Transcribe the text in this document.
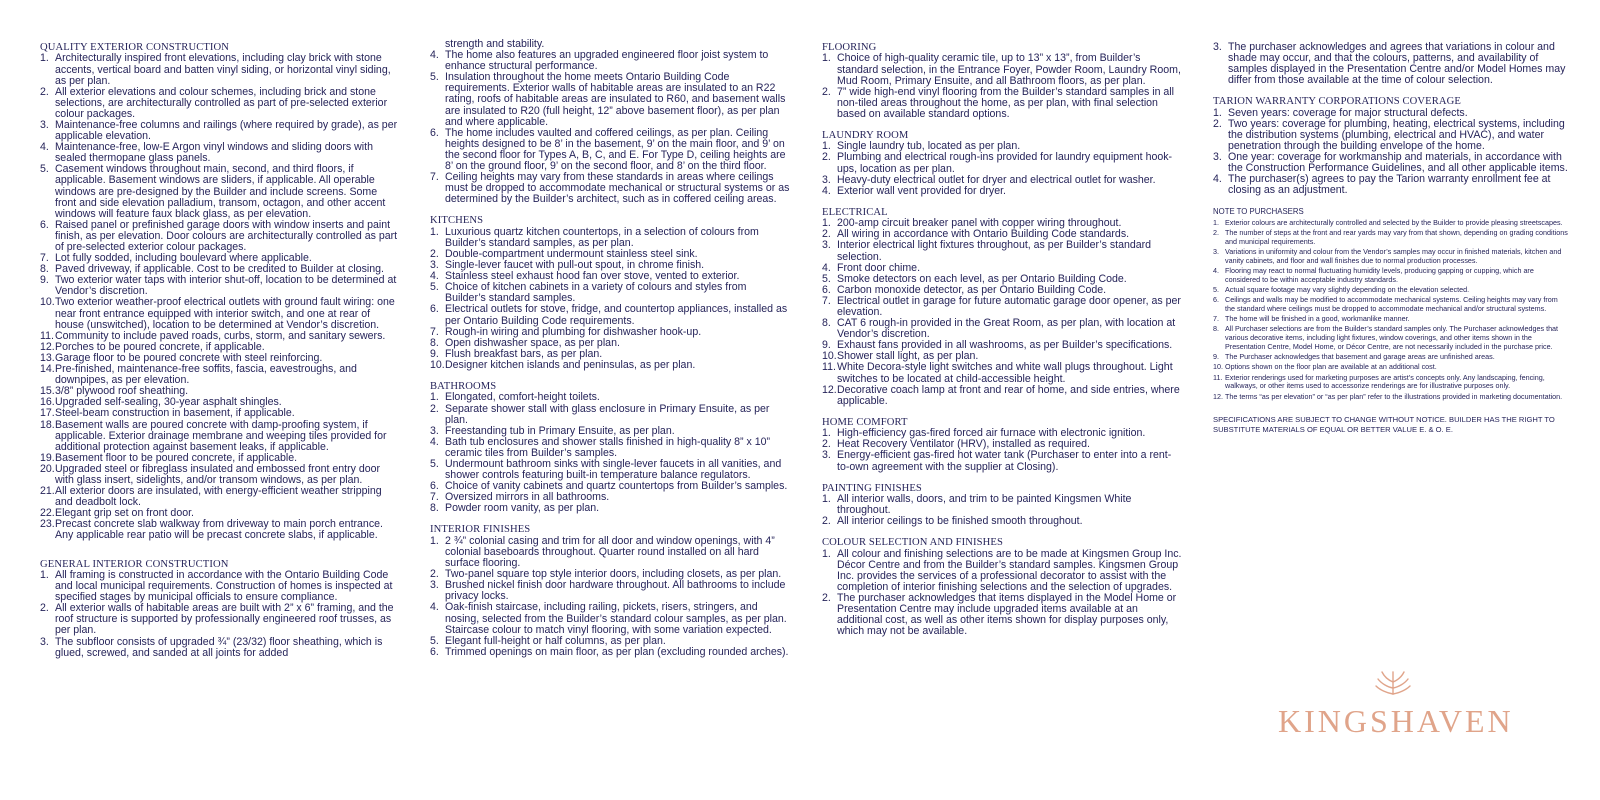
QUALITY EXTERIOR CONSTRUCTION
1. Architecturally inspired front elevations, including clay brick with stone accents, vertical board and batten vinyl siding, or horizontal vinyl siding, as per plan.
2. All exterior elevations and colour schemes, including brick and stone selections, are architecturally controlled as part of pre-selected exterior colour packages.
3. Maintenance-free columns and railings (where required by grade), as per applicable elevation.
4. Maintenance-free, low-E Argon vinyl windows and sliding doors with sealed thermopane glass panels.
5. Casement windows throughout main, second, and third floors, if applicable. Basement windows are sliders, if applicable. All operable windows are pre-designed by the Builder and include screens. Some front and side elevation palladium, transom, octagon, and other accent windows will feature faux black glass, as per elevation.
6. Raised panel or prefinished garage doors with window inserts and paint finish, as per elevation. Door colours are architecturally controlled as part of pre-selected exterior colour packages.
7. Lot fully sodded, including boulevard where applicable.
8. Paved driveway, if applicable. Cost to be credited to Builder at closing.
9. Two exterior water taps with interior shut-off, location to be determined at Vendor’s discretion.
10.Two exterior weather-proof electrical outlets with ground fault wiring: one near front entrance equipped with interior switch, and one at rear of house (unswitched), location to be determined at Vendor’s discretion.
11.Community to include paved roads, curbs, storm, and sanitary sewers.
12.Porches to be poured concrete, if applicable.
13.Garage floor to be poured concrete with steel reinforcing.
14.Pre-finished, maintenance-free soffits, fascia, eavestroughs, and downpipes, as per elevation.
15.3/8” plywood roof sheathing.
16.Upgraded self-sealing, 30-year asphalt shingles.
17.Steel-beam construction in basement, if applicable.
18.Basement walls are poured concrete with damp-proofing system, if applicable. Exterior drainage membrane and weeping tiles provided for additional protection against basement leaks, if applicable.
19.Basement floor to be poured concrete, if applicable.
20.Upgraded steel or fibreglass insulated and embossed front entry door with glass insert, sidelights, and/or transom windows, as per plan.
21.All exterior doors are insulated, with energy-efficient weather stripping and deadbolt lock.
22.Elegant grip set on front door.
23.Precast concrete slab walkway from driveway to main porch entrance. Any applicable rear patio will be precast concrete slabs, if applicable.
GENERAL INTERIOR CONSTRUCTION
1. All framing is constructed in accordance with the Ontario Building Code and local municipal requirements. Construction of homes is inspected at specified stages by municipal officials to ensure compliance.
2. All exterior walls of habitable areas are built with 2” x 6” framing, and the roof structure is supported by professionally engineered roof trusses, as per plan.
3. The subfloor consists of upgraded ¾” (23/32) floor sheathing, which is glued, screwed, and sanded at all joints for added
strength and stability.
4. The home also features an upgraded engineered floor joist system to enhance structural performance.
5. Insulation throughout the home meets Ontario Building Code requirements. Exterior walls of habitable areas are insulated to an R22 rating, roofs of habitable areas are insulated to R60, and basement walls are insulated to R20 (full height, 12” above basement floor), as per plan and where applicable.
6. The home includes vaulted and coffered ceilings, as per plan. Ceiling heights designed to be 8’ in the basement, 9’ on the main floor, and 9’ on the second floor for Types A, B, C, and E. For Type D, ceiling heights are 8’ on the ground floor, 9’ on the second floor, and 8’ on the third floor.
7. Ceiling heights may vary from these standards in areas where ceilings must be dropped to accommodate mechanical or structural systems or as determined by the Builder’s architect, such as in coffered ceiling areas.
KITCHENS
1. Luxurious quartz kitchen countertops, in a selection of colours from Builder’s standard samples, as per plan.
2. Double-compartment undermount stainless steel sink.
3. Single-lever faucet with pull-out spout, in chrome finish.
4. Stainless steel exhaust hood fan over stove, vented to exterior.
5. Choice of kitchen cabinets in a variety of colours and styles from Builder’s standard samples.
6. Electrical outlets for stove, fridge, and countertop appliances, installed as per Ontario Building Code requirements.
7. Rough-in wiring and plumbing for dishwasher hook-up.
8. Open dishwasher space, as per plan.
9. Flush breakfast bars, as per plan.
10.Designer kitchen islands and peninsulas, as per plan.
BATHROOMS
1. Elongated, comfort-height toilets.
2. Separate shower stall with glass enclosure in Primary Ensuite, as per plan.
3. Freestanding tub in Primary Ensuite, as per plan.
4. Bath tub enclosures and shower stalls finished in high-quality 8” x 10” ceramic tiles from Builder’s samples.
5. Undermount bathroom sinks with single-lever faucets in all vanities, and shower controls featuring built-in temperature balance regulators.
6. Choice of vanity cabinets and quartz countertops from Builder’s samples.
7. Oversized mirrors in all bathrooms.
8. Powder room vanity, as per plan.
INTERIOR FINISHES
1. 2 ¾” colonial casing and trim for all door and window openings, with 4” colonial baseboards throughout. Quarter round installed on all hard surface flooring.
2. Two-panel square top style interior doors, including closets, as per plan.
3. Brushed nickel finish door hardware throughout. All bathrooms to include privacy locks.
4. Oak-finish staircase, including railing, pickets, risers, stringers, and nosing, selected from the Builder’s standard colour samples, as per plan. Staircase colour to match vinyl flooring, with some variation expected.
5. Elegant full-height or half columns, as per plan.
6. Trimmed openings on main floor, as per plan (excluding rounded arches).
FLOORING
1. Choice of high-quality ceramic tile, up to 13” x 13”, from Builder’s standard selection, in the Entrance Foyer, Powder Room, Laundry Room, Mud Room, Primary Ensuite, and all Bathroom floors, as per plan.
2. 7” wide high-end vinyl flooring from the Builder’s standard samples in all non-tiled areas throughout the home, as per plan, with final selection based on available standard options.
LAUNDRY ROOM
1. Single laundry tub, located as per plan.
2. Plumbing and electrical rough-ins provided for laundry equipment hook-ups, location as per plan.
3. Heavy-duty electrical outlet for dryer and electrical outlet for washer.
4. Exterior wall vent provided for dryer.
ELECTRICAL
1. 200-amp circuit breaker panel with copper wiring throughout.
2. All wiring in accordance with Ontario Building Code standards.
3. Interior electrical light fixtures throughout, as per Builder’s standard selection.
4. Front door chime.
5. Smoke detectors on each level, as per Ontario Building Code.
6. Carbon monoxide detector, as per Ontario Building Code.
7. Electrical outlet in garage for future automatic garage door opener, as per elevation.
8. CAT 6 rough-in provided in the Great Room, as per plan, with location at Vendor’s discretion.
9. Exhaust fans provided in all washrooms, as per Builder’s specifications.
10.Shower stall light, as per plan.
11.White Decora-style light switches and white wall plugs throughout. Light switches to be located at child-accessible height.
12.Decorative coach lamp at front and rear of home, and side entries, where applicable.
HOME COMFORT
1. High-efficiency gas-fired forced air furnace with electronic ignition.
2. Heat Recovery Ventilator (HRV), installed as required.
3. Energy-efficient gas-fired hot water tank (Purchaser to enter into a rent-to-own agreement with the supplier at Closing).
PAINTING FINISHES
1. All interior walls, doors, and trim to be painted Kingsmen White throughout.
2. All interior ceilings to be finished smooth throughout.
COLOUR SELECTION AND FINISHES
1. All colour and finishing selections are to be made at Kingsmen Group Inc. Décor Centre and from the Builder’s standard samples. Kingsmen Group Inc. provides the services of a professional decorator to assist with the completion of interior finishing selections and the selection of upgrades.
2. The purchaser acknowledges that items displayed in the Model Home or Presentation Centre may include upgraded items available at an additional cost, as well as other items shown for display purposes only, which may not be available.
3. The purchaser acknowledges and agrees that variations in colour and shade may occur, and that the colours, patterns, and availability of samples displayed in the Presentation Centre and/or Model Homes may differ from those available at the time of colour selection.
TARION WARRANTY CORPORATIONS COVERAGE
1. Seven years: coverage for major structural defects.
2. Two years: coverage for plumbing, heating, electrical systems, including the distribution systems (plumbing, electrical and HVAC), and water penetration through the building envelope of the home.
3. One year: coverage for workmanship and materials, in accordance with the Construction Performance Guidelines, and all other applicable items.
4. The purchaser(s) agrees to pay the Tarion warranty enrollment fee at closing as an adjustment.
NOTE TO PURCHASERS
1. Exterior colours are architecturally controlled and selected by the Builder to provide pleasing streetscapes.
2. The number of steps at the front and rear yards may vary from that shown, depending on grading conditions and municipal requirements.
3. Variations in uniformity and colour from the Vendor’s samples may occur in finished materials, kitchen and vanity cabinets, and floor and wall finishes due to normal production processes.
4. Flooring may react to normal fluctuating humidity levels, producing gapping or cupping, which are considered to be within acceptable industry standards.
5. Actual square footage may vary slightly depending on the elevation selected.
6. Ceilings and walls may be modified to accommodate mechanical systems. Ceiling heights may vary from the standard where ceilings must be dropped to accommodate mechanical and/or structural systems.
7. The home will be finished in a good, workmanlike manner.
8. All Purchaser selections are from the Builder’s standard samples only. The Purchaser acknowledges that various decorative items, including light fixtures, window coverings, and other items shown in the Presentation Centre, Model Home, or Décor Centre, are not necessarily included in the purchase price.
9. The Purchaser acknowledges that basement and garage areas are unfinished areas.
10. Options shown on the floor plan are available at an additional cost.
11. Exterior renderings used for marketing purposes are artist’s concepts only. Any landscaping, fencing, walkways, or other items used to accessorize renderings are for illustrative purposes only.
12. The terms “as per elevation” or “as per plan” refer to the illustrations provided in marketing documentation.
SPECIFICATIONS ARE SUBJECT TO CHANGE WITHOUT NOTICE. BUILDER HAS THE RIGHT TO SUBSTITUTE MATERIALS OF EQUAL OR BETTER VALUE E. & O. E.
KINGSHAVEN
